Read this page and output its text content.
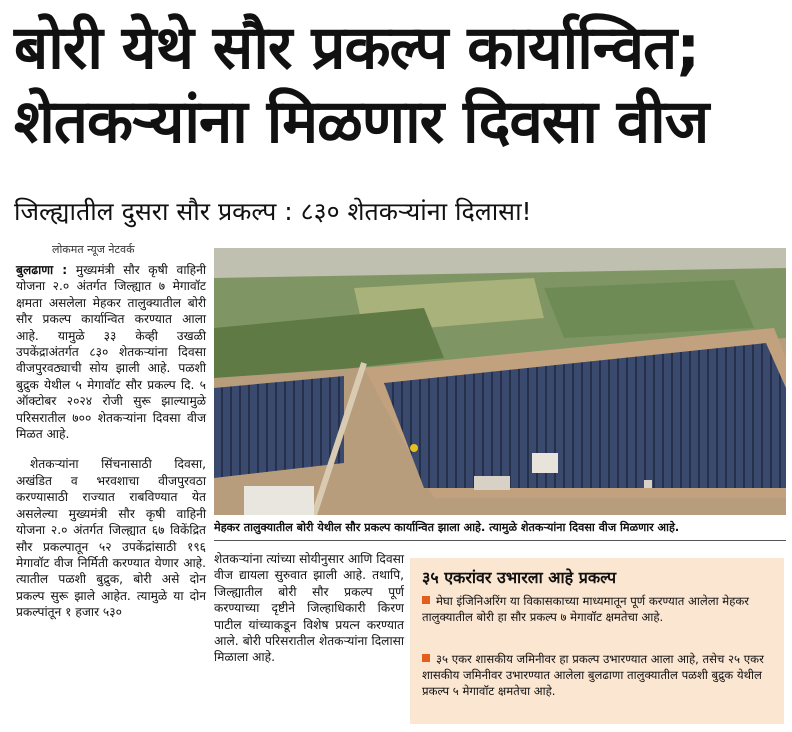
बोरी येथे सौर प्रकल्प कार्यान्वित;
शेतकऱ्यांना मिळणार दिवसा वीज
जिल्ह्यातील दुसरा सौर प्रकल्प : ८३० शेतकऱ्यांना दिलासा!
लोकमत न्यूज नेटवर्क

बुलढाणा : मुख्यमंत्री सौर कृषी वाहिनी योजना २.० अंतर्गत जिल्ह्यात ७ मेगावॉट क्षमता असलेला मेहकर तालुक्यातील बोरी सौर प्रकल्प कार्यान्वित करण्यात आला आहे. यामुळे ३३ केव्ही उखळी उपकेंद्राअंतर्गत ८३० शेतकऱ्यांना दिवसा वीजपुरवठ्याची सोय झाली आहे. पळशी बुद्रुक येथील ५ मेगावॉट सौर प्रकल्प दि. ५ ऑक्टोबर २०२४ रोजी सुरू झाल्यामुळे परिसरातील ७०० शेतकऱ्यांना दिवसा वीज मिळत आहे.

शेतकऱ्यांना सिंचनासाठी दिवसा, अखंडित व भरवशाचा वीजपुरवठा करण्यासाठी राज्यात राबविण्यात येत असलेल्या मुख्यमंत्री सौर कृषी वाहिनी योजना २.० अंतर्गत जिल्ह्यात ६७ विकेंद्रित सौर प्रकल्पातून ५२ उपकेंद्रांसाठी १९६ मेगावॉट वीज निर्मिती करण्यात येणार आहे. त्यातील पळशी बुद्रुक, बोरी असे दोन प्रकल्प सुरू झाले आहेत. त्यामुळे या दोन प्रकल्पांतून १ हजार ५३०

मेहकर तालुक्यातील बोरी येथील सौर प्रकल्प कार्यान्वित झाला आहे. त्यामुळे शेतकऱ्यांना दिवसा वीज मिळणार आहे.
शेतकऱ्यांना त्यांच्या सोयीनुसार आणि दिवसा वीज द्यायला सुरुवात झाली आहे. तथापि, जिल्ह्यातील बोरी सौर प्रकल्प पूर्ण करण्याच्या दृष्टीने जिल्हाधिकारी किरण पाटील यांच्याकडून विशेष प्रयत्न करण्यात आले. बोरी परिसरातील शेतकऱ्यांना दिलासा मिळाला आहे.
३५ एकरांवर उभारला आहे प्रकल्प
मेघा इंजिनिअरिंग या विकासकाच्या माध्यमातून पूर्ण करण्यात आलेला मेहकर तालुक्यातील बोरी हा सौर प्रकल्प ७ मेगावॉट क्षमतेचा आहे.
३५ एकर शासकीय जमिनीवर हा प्रकल्प उभारण्यात आला आहे, तसेच २५ एकर शासकीय जमिनीवर उभारण्यात आलेला बुलढाणा तालुक्यातील पळशी बुद्रुक येथील प्रकल्प ५ मेगावॉट क्षमतेचा आहे.
